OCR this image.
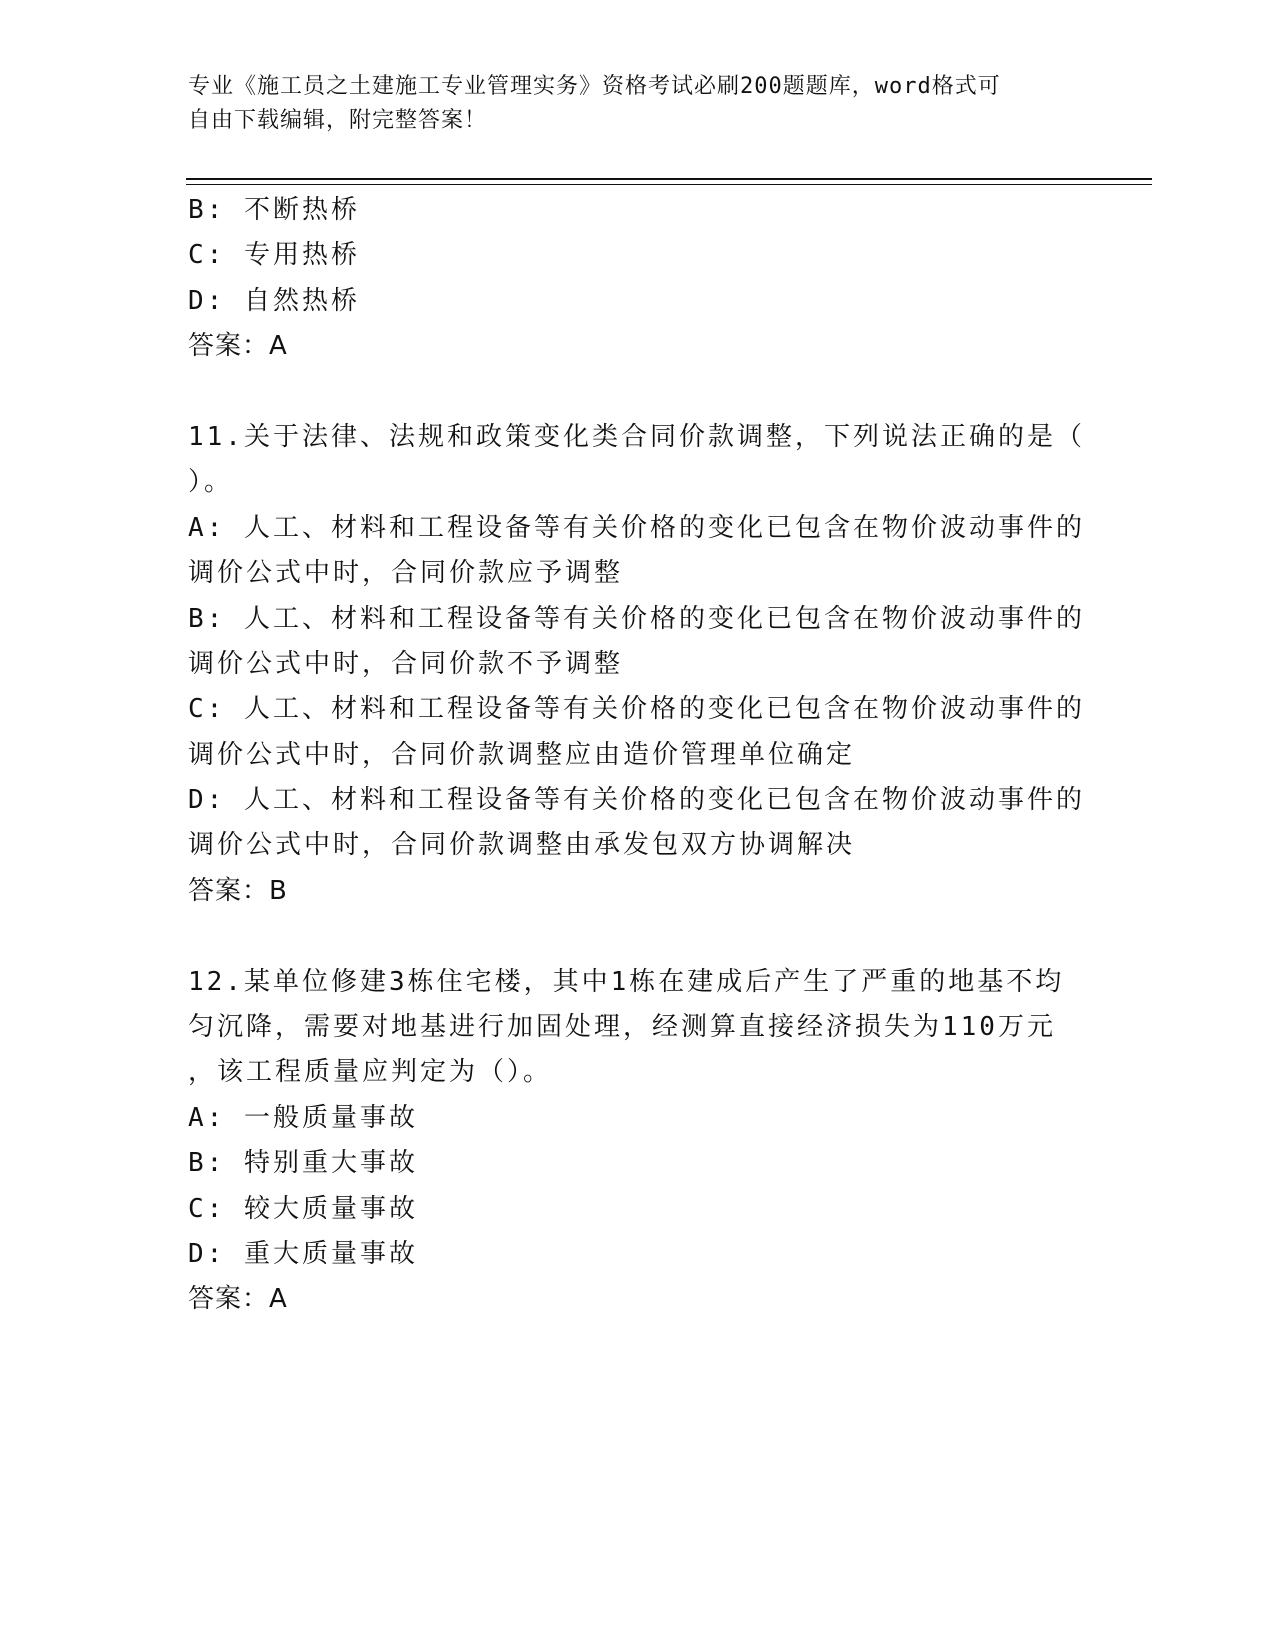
专业《施工员之土建施工专业管理实务》资格考试必刷200题题库，word格式可
自由下载编辑，附完整答案！
B: 不断热桥
C: 专用热桥
D: 自然热桥
答案：A
11.关于法律、法规和政策变化类合同价款调整，下列说法正确的是（
）。
A: 人工、材料和工程设备等有关价格的变化已包含在物价波动事件的
调价公式中时，合同价款应予调整
B: 人工、材料和工程设备等有关价格的变化已包含在物价波动事件的
调价公式中时，合同价款不予调整
C: 人工、材料和工程设备等有关价格的变化已包含在物价波动事件的
调价公式中时，合同价款调整应由造价管理单位确定
D: 人工、材料和工程设备等有关价格的变化已包含在物价波动事件的
调价公式中时，合同价款调整由承发包双方协调解决
答案：B
12.某单位修建3栋住宅楼，其中1栋在建成后产生了严重的地基不均
匀沉降，需要对地基进行加固处理，经测算直接经济损失为110万元
，该工程质量应判定为（）。
A: 一般质量事故
B: 特别重大事故
C: 较大质量事故
D: 重大质量事故
答案：A
